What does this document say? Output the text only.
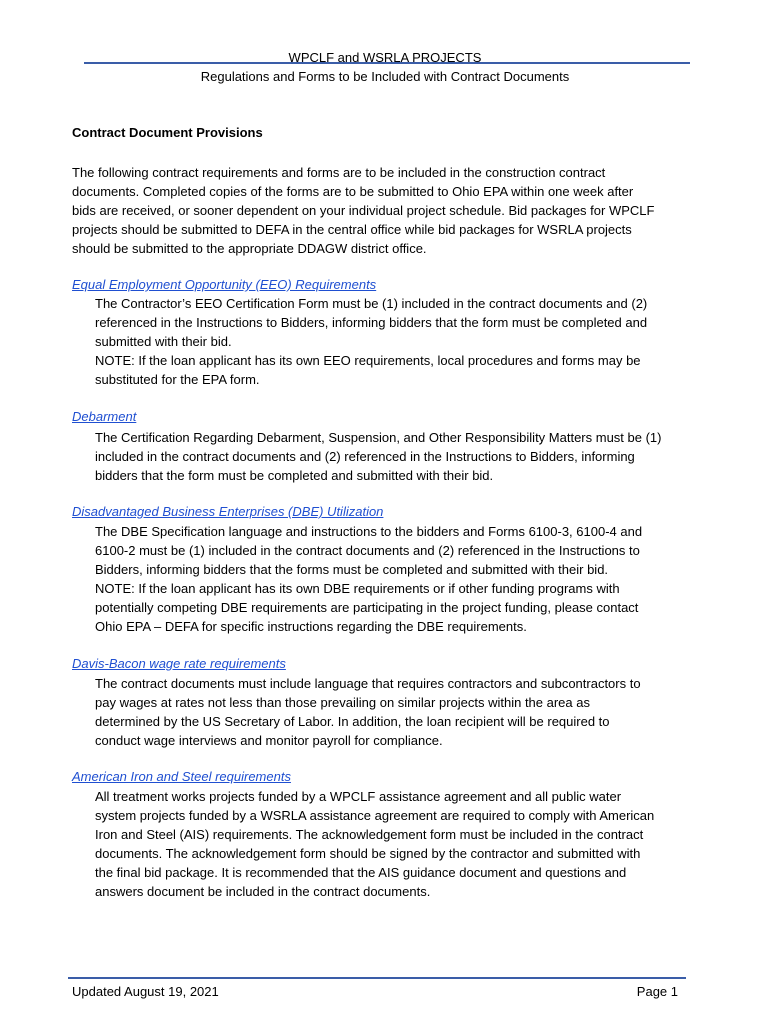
WPCLF and WSRLA PROJECTS
Regulations and Forms to be Included with Contract Documents
Contract Document Provisions

The following contract requirements and forms are to be included in the construction contract
documents. Completed copies of the forms are to be submitted to Ohio EPA within one week after
bids are received, or sooner dependent on your individual project schedule. Bid packages for WPCLF
projects should be submitted to DEFA in the central office while bid packages for WSRLA projects
should be submitted to the appropriate DDAGW district office.

Equal Employment Opportunity (EEO) Requirements

The Contractor’s EEO Certification Form must be (1) included in the contract documents and (2)
referenced in the Instructions to Bidders, informing bidders that the form must be completed and
submitted with their bid.
NOTE: If the loan applicant has its own EEO requirements, local procedures and forms may be
substituted for the EPA form.

Debarment

The Certification Regarding Debarment, Suspension, and Other Responsibility Matters must be (1)
included in the contract documents and (2) referenced in the Instructions to Bidders, informing
bidders that the form must be completed and submitted with their bid.

Disadvantaged Business Enterprises (DBE) Utilization

The DBE Specification language and instructions to the bidders and Forms 6100-3, 6100-4 and
6100-2 must be (1) included in the contract documents and (2) referenced in the Instructions to
Bidders, informing bidders that the forms must be completed and submitted with their bid.
NOTE: If the loan applicant has its own DBE requirements or if other funding programs with
potentially competing DBE requirements are participating in the project funding, please contact
Ohio EPA – DEFA for specific instructions regarding the DBE requirements.

Davis-Bacon wage rate requirements

The contract documents must include language that requires contractors and subcontractors to
pay wages at rates not less than those prevailing on similar projects within the area as
determined by the US Secretary of Labor. In addition, the loan recipient will be required to
conduct wage interviews and monitor payroll for compliance.

American Iron and Steel requirements

All treatment works projects funded by a WPCLF assistance agreement and all public water
system projects funded by a WSRLA assistance agreement are required to comply with American
Iron and Steel (AIS) requirements. The acknowledgement form must be included in the contract
documents. The acknowledgement form should be signed by the contractor and submitted with
the final bid package. It is recommended that the AIS guidance document and questions and
answers document be included in the contract documents.

Updated August 19, 2021	Page 1
